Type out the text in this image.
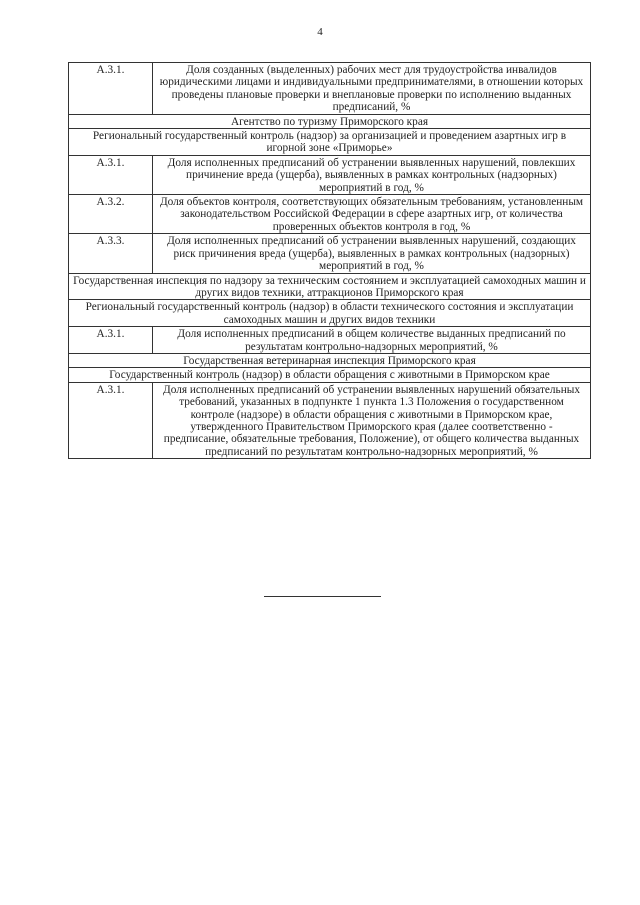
4
А.3.1.	Доля созданных (выделенных) рабочих мест для трудоустройства инвалидов юридическими лицами и индивидуальными предпринимателями, в отношении которых проведены плановые проверки и внеплановые проверки по исполнению выданных предписаний, %
Агентство по туризму Приморского края	
Региональный государственный контроль (надзор) за организацией и проведением азартных игр в игорной зоне «Приморье»	
А.3.1.	Доля исполненных предписаний об устранении выявленных нарушений, повлекших причинение вреда (ущерба), выявленных в рамках контрольных (надзорных) мероприятий в год, %
А.3.2.	Доля объектов контроля, соответствующих обязательным требованиям, установленным законодательством Российской Федерации в сфере азартных игр, от количества проверенных объектов контроля в год, %
А.3.3.	Доля исполненных предписаний об устранении выявленных нарушений, создающих риск причинения вреда (ущерба), выявленных в рамках контрольных (надзорных) мероприятий в год, %
Государственная инспекция по надзору за техническим состоянием и эксплуатацией самоходных машин и других видов техники, аттракционов Приморского края	
Региональный государственный контроль (надзор) в области технического состояния и эксплуатации самоходных машин и других видов техники	
А.3.1.	Доля исполненных предписаний в общем количестве выданных предписаний по результатам контрольно-надзорных мероприятий, %
Государственная ветеринарная инспекция Приморского края	
Государственный контроль (надзор) в области обращения с животными в Приморском крае	
А.3.1.	Доля исполненных предписаний об устранении выявленных нарушений обязательных требований, указанных в подпункте 1 пункта 1.3 Положения о государственном контроле (надзоре) в области обращения с животными в Приморском крае, утвержденного Правительством Приморского края (далее соответственно - предписание, обязательные требования, Положение), от общего количества выданных предписаний по результатам контрольно-надзорных мероприятий, %
